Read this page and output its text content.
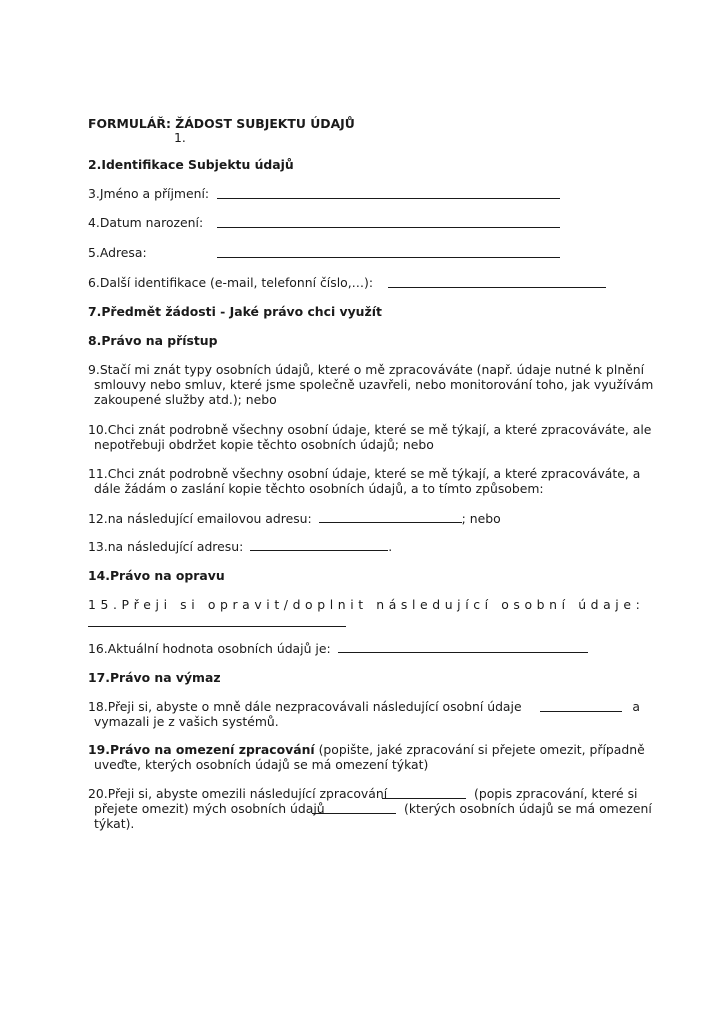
FORMULÁŘ: ŽÁDOST SUBJEKTU ÚDAJŮ
1.
2.Identifikace Subjektu údajů
3.Jméno a příjmení:
4.Datum narození:
5.Adresa:
6.Další identifikace (e-mail, telefonní číslo,…):
7.Předmět žádosti - Jaké právo chci využít
8.Právo na přístup
9.Stačí mi znát typy osobních údajů, které o mě zpracováváte (např. údaje nutné k plnění
smlouvy nebo smluv, které jsme společně uzavřeli, nebo monitorování toho, jak využívám
zakoupené služby atd.); nebo
10.Chci znát podrobně všechny osobní údaje, které se mě týkají, a které zpracováváte, ale
nepotřebuji obdržet kopie těchto osobních údajů; nebo
11.Chci znát podrobně všechny osobní údaje, které se mě týkají, a které zpracováváte, a
dále žádám o zaslání kopie těchto osobních údajů, a to tímto způsobem:
12.na následující emailovou adresu:	; nebo
13.na následující adresu:	.
14.Právo na opravu
1 5 . P ř e j i
s i
o p r a v i t / d o p l n i t
n á s l e d u j í c í
o s o b n í
ú d a j e :
16.Aktuální hodnota osobních údajů je:
17.Právo na výmaz
18.Přeji si, abyste o mně dále nezpracovávali následující osobní údaje	a
vymazali je z vašich systémů.
19.Právo na omezení zpracování (popište, jaké zpracování si přejete omezit, případně
uveďte, kterých osobních údajů se má omezení týkat)
20.Přeji si, abyste omezili následující zpracování	(popis zpracování, které si
přejete omezit) mých osobních údajů	(kterých osobních údajů se má omezení
týkat).
